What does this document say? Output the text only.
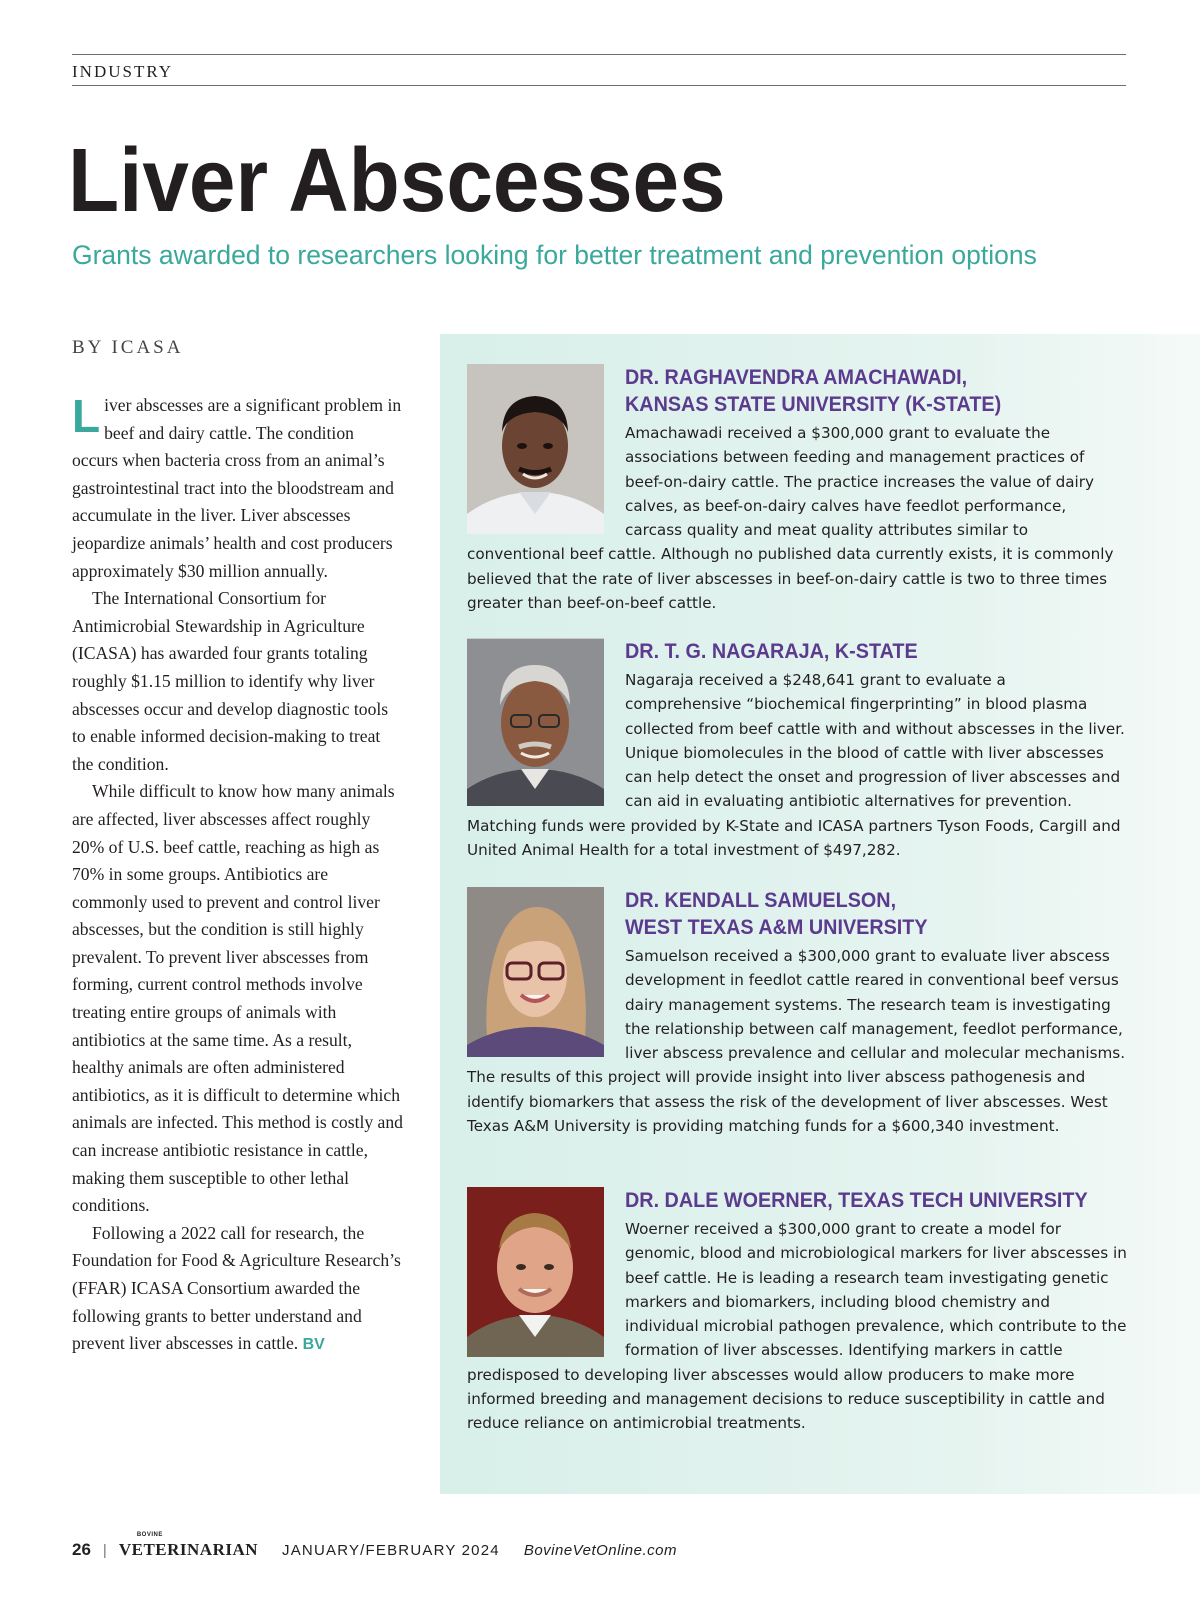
INDUSTRY
Liver Abscesses
Grants awarded to researchers looking for better treatment and prevention options
BY ICASA

Liver abscesses are a significant problem in beef and dairy cattle. The condition occurs when bacteria cross from an animal’s gastrointestinal tract into the bloodstream and accumulate in the liver. Liver abscesses jeopardize animals’ health and cost producers approximately $30 million annually.

The International Consortium for Antimicrobial Stewardship in Agriculture (ICASA) has awarded four grants totaling roughly $1.15 million to identify why liver abscesses occur and develop diagnostic tools to enable informed decision-making to treat the condition.

While difficult to know how many animals are affected, liver abscesses affect roughly 20% of U.S. beef cattle, reaching as high as 70% in some groups. Antibiotics are commonly used to prevent and control liver abscesses, but the condition is still highly prevalent. To prevent liver abscesses from forming, current control methods involve treating entire groups of animals with antibiotics at the same time. As a result, healthy animals are often administered antibiotics, as it is difficult to determine which animals are infected. This method is costly and can increase antibiotic resistance in cattle, making them susceptible to other lethal conditions.

Following a 2022 call for research, the Foundation for Food & Agriculture Research’s (FFAR) ICASA Consortium awarded the following grants to better understand and prevent liver abscesses in cattle. BV

DR. RAGHAVENDRA AMACHAWADI,
KANSAS STATE UNIVERSITY (K-STATE)

Amachawadi received a $300,000 grant to evaluate the associations between feeding and management practices of beef-on-dairy cattle. The practice increases the value of dairy calves, as beef-on-dairy calves have feedlot performance, carcass quality and meat quality attributes similar to conventional beef cattle. Although no published data currently exists, it is commonly believed that the rate of liver abscesses in beef-on-dairy cattle is two to three times greater than beef-on-beef cattle.

DR. T. G. NAGARAJA, K-STATE

Nagaraja received a $248,641 grant to evaluate a comprehensive “biochemical fingerprinting” in blood plasma collected from beef cattle with and without abscesses in the liver. Unique biomolecules in the blood of cattle with liver abscesses can help detect the onset and progression of liver abscesses and can aid in evaluating antibiotic alternatives for prevention. Matching funds were provided by K-State and ICASA partners Tyson Foods, Cargill and United Animal Health for a total investment of $497,282.

DR. KENDALL SAMUELSON,
WEST TEXAS A&M UNIVERSITY

Samuelson received a $300,000 grant to evaluate liver abscess development in feedlot cattle reared in conventional beef versus dairy management systems. The research team is investigating the relationship between calf management, feedlot performance, liver abscess prevalence and cellular and molecular mechanisms. The results of this project will provide insight into liver abscess pathogenesis and identify biomarkers that assess the risk of the development of liver abscesses. West Texas A&M University is providing matching funds for a $600,340 investment.

DR. DALE WOERNER, TEXAS TECH UNIVERSITY

Woerner received a $300,000 grant to create a model for genomic, blood and microbiological markers for liver abscesses in beef cattle. He is leading a research team investigating genetic markers and biomarkers, including blood chemistry and individual microbial pathogen prevalence, which contribute to the formation of liver abscesses. Identifying markers in cattle predisposed to developing liver abscesses would allow producers to make more informed breeding and management decisions to reduce susceptibility in cattle and reduce reliance on antimicrobial treatments.

26 |
BOVINE
VETERINARIAN JANUARY/FEBRUARY 2024 BovineVetOnline.com
